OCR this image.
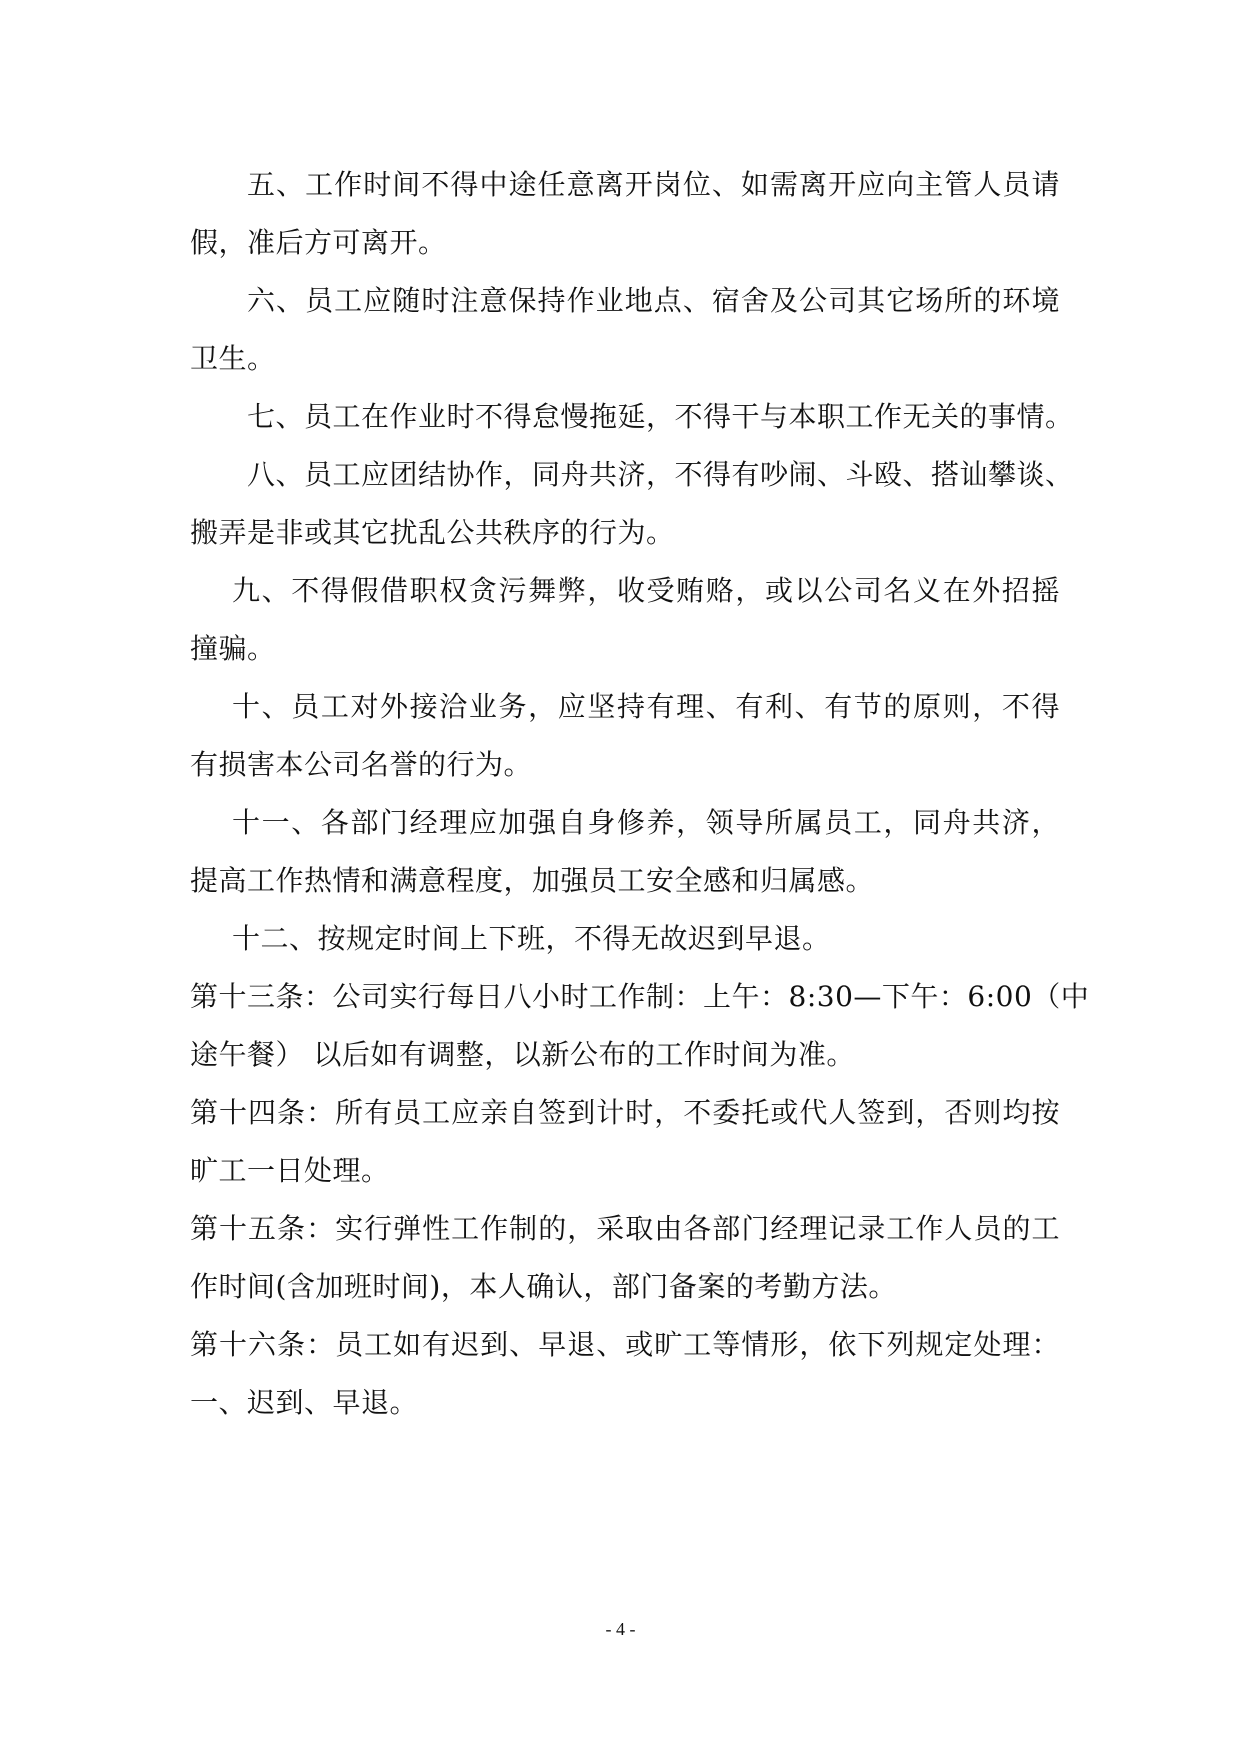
五、工作时间不得中途任意离开岗位、如需离开应向主管人员请
假，准后方可离开。
六、员工应随时注意保持作业地点、宿舍及公司其它场所的环境
卫生。
七、员工在作业时不得怠慢拖延，不得干与本职工作无关的事情。
八、员工应团结协作，同舟共济，不得有吵闹、斗殴、搭讪攀谈、
搬弄是非或其它扰乱公共秩序的行为。
九、不得假借职权贪污舞弊，收受贿赂，或以公司名义在外招摇
撞骗。
十、员工对外接洽业务，应坚持有理、有利、有节的原则，不得
有损害本公司名誉的行为。
十一、各部门经理应加强自身修养，领导所属员工，同舟共济，
提高工作热情和满意程度，加强员工安全感和归属感。
十二、按规定时间上下班，不得无故迟到早退。
第十三条：公司实行每日八小时工作制：上午：8:30—下午：6:00（中
途午餐） 以后如有调整，以新公布的工作时间为准。
第十四条：所有员工应亲自签到计时，不委托或代人签到，否则均按
旷工一日处理。
第十五条：实行弹性工作制的，采取由各部门经理记录工作人员的工
作时间(含加班时间)，本人确认，部门备案的考勤方法。
第十六条：员工如有迟到、早退、或旷工等情形，依下列规定处理：
一、迟到、早退。
- 4 -
